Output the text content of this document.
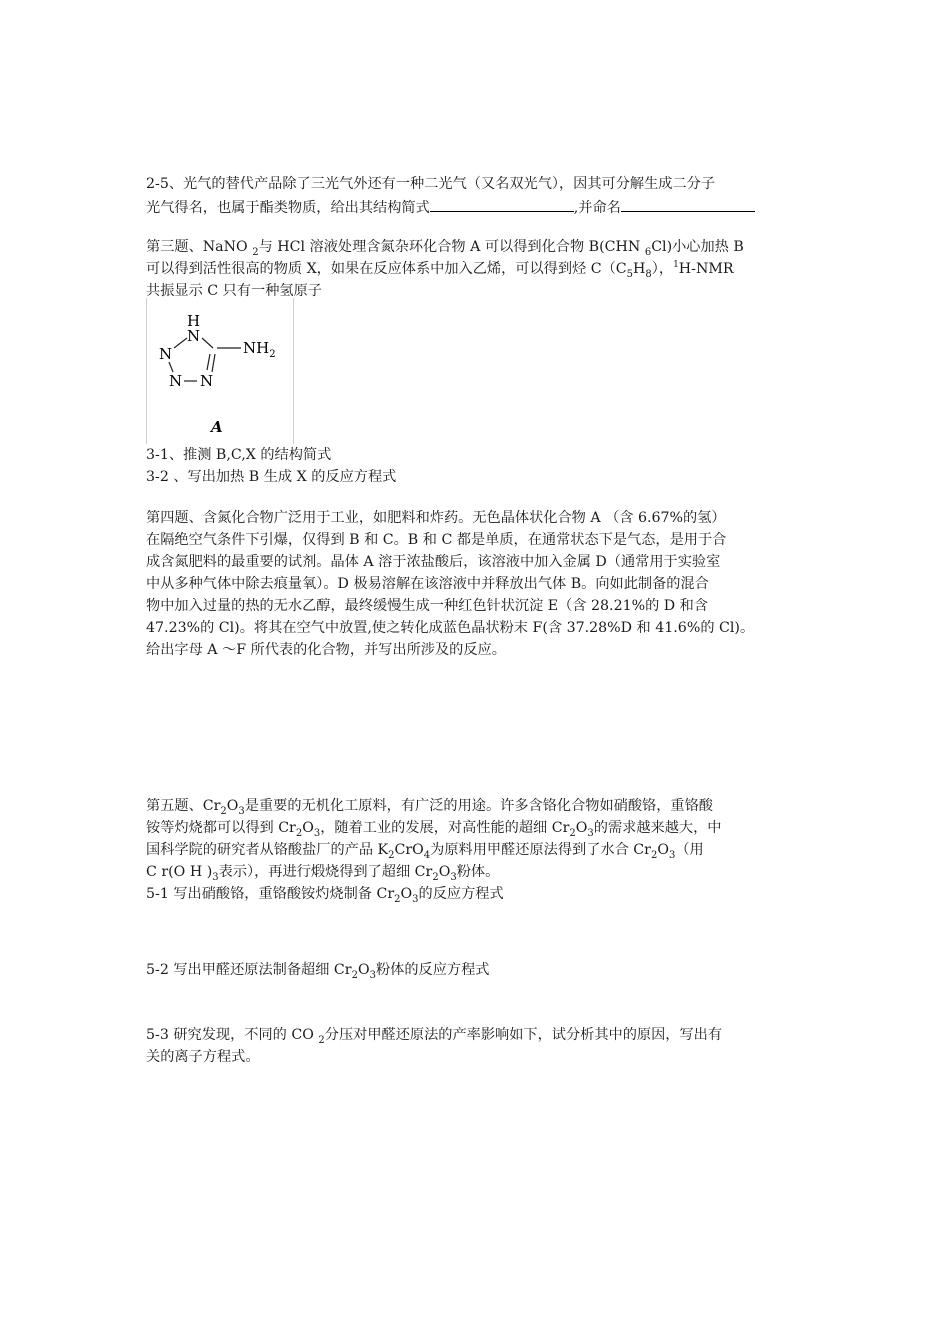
2-5、光气的替代产品除了三光气外还有一种二光气（又名双光气），因其可分解生成二分子

光气得名，也属于酯类物质，给出其结构简式	,并命名

第三题、NaNO $_2$与 HCl 溶液处理含氮杂环化合物 A 可以得到化合物 B(CHN $_6$Cl)小心加热 B

可以得到活性很高的物质 X，如果在反应体系中加入乙烯，可以得到烃 $C(C_5H_8)$，$^1$H-NMR

共振显示 C 只有一种氢原子

H
N
$NH_2$
N
N N
A

3-1、推测 B,C,X 的结构简式

3-2 、写出加热 B 生成 X 的反应方程式

第四题、含氮化合物广泛用于工业，如肥料和炸药。无色晶体状化合物 A （含 6.67%的氢）

在隔绝空气条件下引爆，仅得到 B 和 C。B 和 C 都是单质，在通常状态下是气态，是用于合

成含氮肥料的最重要的试剂。晶体 A 溶于浓盐酸后，该溶液中加入金属 D（通常用于实验室

中从多种气体中除去痕量氧）。D 极易溶解在该溶液中并释放出气体 B。向如此制备的混合

物中加入过量的热的无水乙醇，最终缓慢生成一种红色针状沉淀 E（含 28.21%的 D 和含

47.23%的 Cl)。将其在空气中放置,使之转化成蓝色晶状粉末 F(含 37.28%D 和 41.6%的 Cl)。

给出字母 A ～F 所代表的化合物，并写出所涉及的反应。

第五题、$Cr_2O_3$是重要的无机化工原料，有广泛的用途。许多含铬化合物如硝酸铬，重铬酸

铵等灼烧都可以得到 $Cr_2O_3$，随着工业的发展，对高性能的超细 $Cr_2O_3$的需求越来越大，中

国科学院的研究者从铬酸盐厂的产品 $K_2CrO_4$为原料用甲醛还原法得到了水合 $Cr_2O_3$（用

C r(O H )$_3$表示），再进行煅烧得到了超细 $Cr_2O_3$粉体。

5-1 写出硝酸铬，重铬酸铵灼烧制备 $Cr_2O_3$的反应方程式

5-2 写出甲醛还原法制备超细 $Cr_2O_3$粉体的反应方程式

5-3 研究发现，不同的 CO $_2$分压对甲醛还原法的产率影响如下，试分析其中的原因，写出有

关的离子方程式。
